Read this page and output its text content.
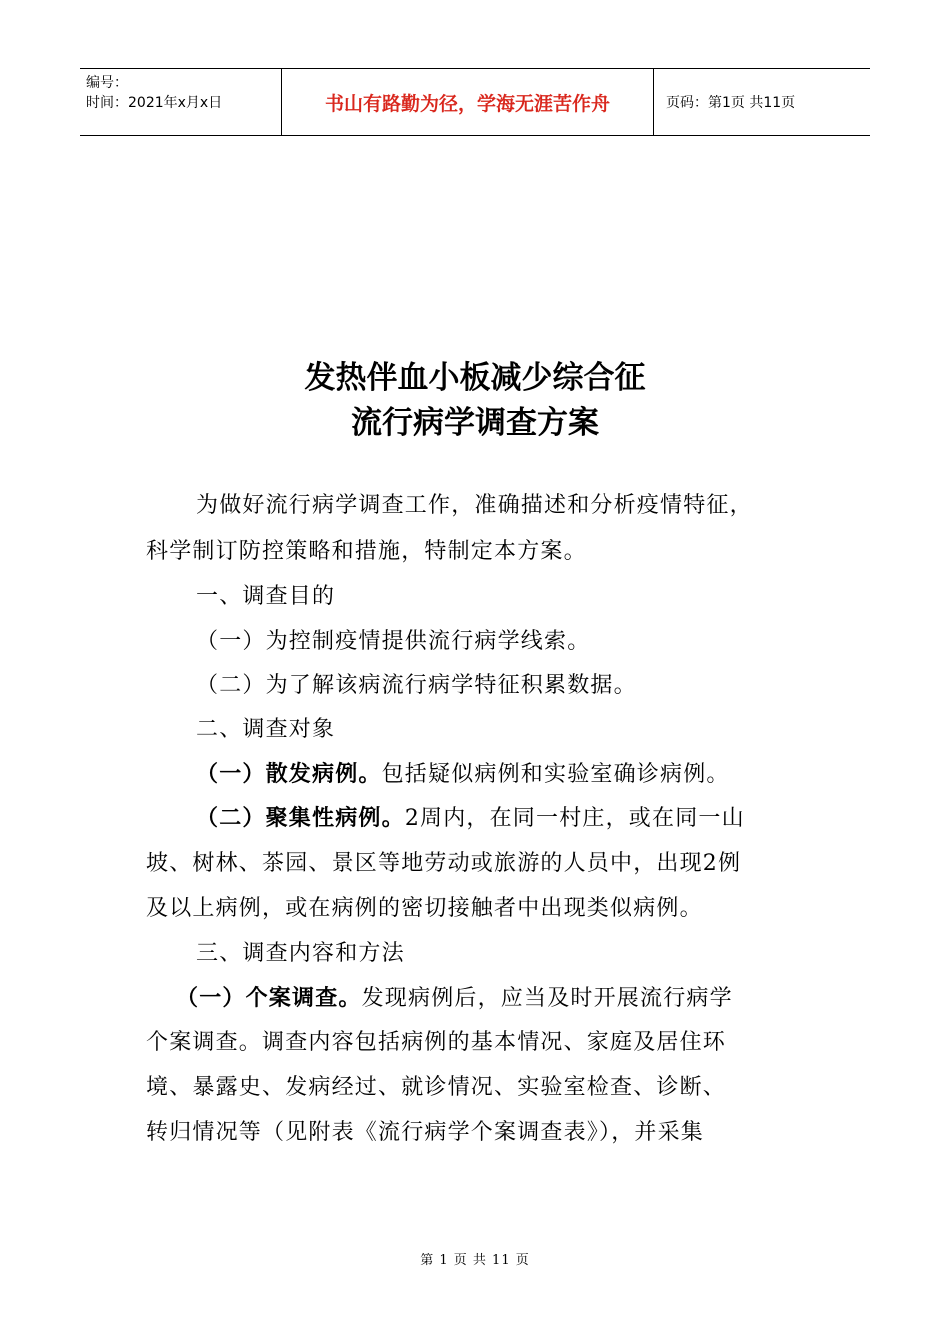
编号：
时间：2021年x月x日	书山有路勤为径，学海无涯苦作舟	页码：第1页 共11页
发热伴血小板减少综合征
流行病学调查方案
为做好流行病学调查工作，准确描述和分析疫情特征，
科学制订防控策略和措施，特制定本方案。
一、调查目的
（一）为控制疫情提供流行病学线索。
（二）为了解该病流行病学特征积累数据。
二、调查对象
（一）散发病例。包括疑似病例和实验室确诊病例。
（二）聚集性病例。2周内，在同一村庄，或在同一山
坡、树林、茶园、景区等地劳动或旅游的人员中，出现2例
及以上病例，或在病例的密切接触者中出现类似病例。
三、调查内容和方法
（一）个案调查。发现病例后，应当及时开展流行病学
个案调查。调查内容包括病例的基本情况、家庭及居住环
境、暴露史、发病经过、就诊情况、实验室检查、诊断、
转归情况等（见附表《流行病学个案调查表》），并采集
第 1 页 共 11 页
